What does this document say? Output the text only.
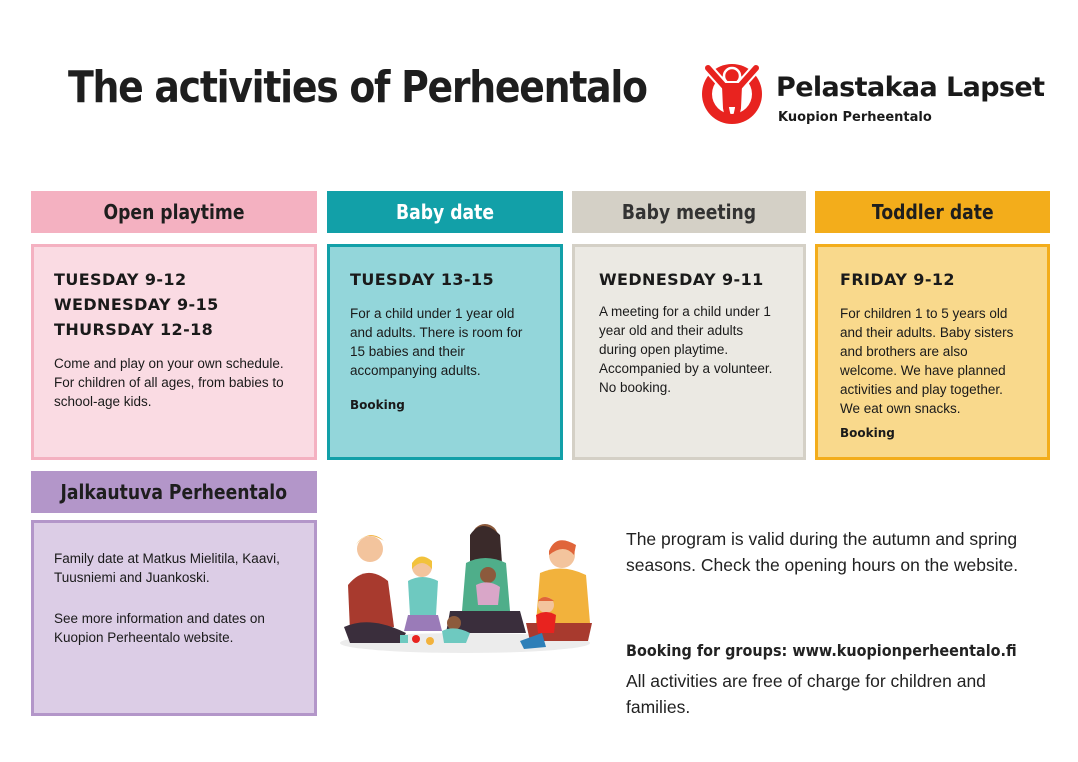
The activities of Perheentalo	Pelastakaa Lapset
Kuopion Perheentalo
Open playtime
TUESDAY 9-12
WEDNESDAY 9-15
THURSDAY 12-18
Come and play on your own schedule. For children of all ages, from babies to school-age kids.
Baby date
TUESDAY 13-15
For a child under 1 year old and adults. There is room for 15 babies and their accompanying adults.
Booking
Baby meeting
WEDNESDAY 9-11
A meeting for a child under 1 year old and their adults during open playtime. Accompanied by a volunteer. No booking.
Toddler date
FRIDAY 9-12
For children 1 to 5 years old and their adults. Baby sisters and brothers are also welcome. We have planned activities and play together. We eat own snacks.
Booking
Jalkautuva Perheentalo
Family date at Matkus Mielitila, Kaavi, Tuusniemi and Juankoski.
See more information and dates on Kuopion Perheentalo website.
The program is valid during the autumn and spring seasons. Check the opening hours on the website.
Booking for groups: www.kuopionperheentalo.fi
All activities are free of charge for children and families.
